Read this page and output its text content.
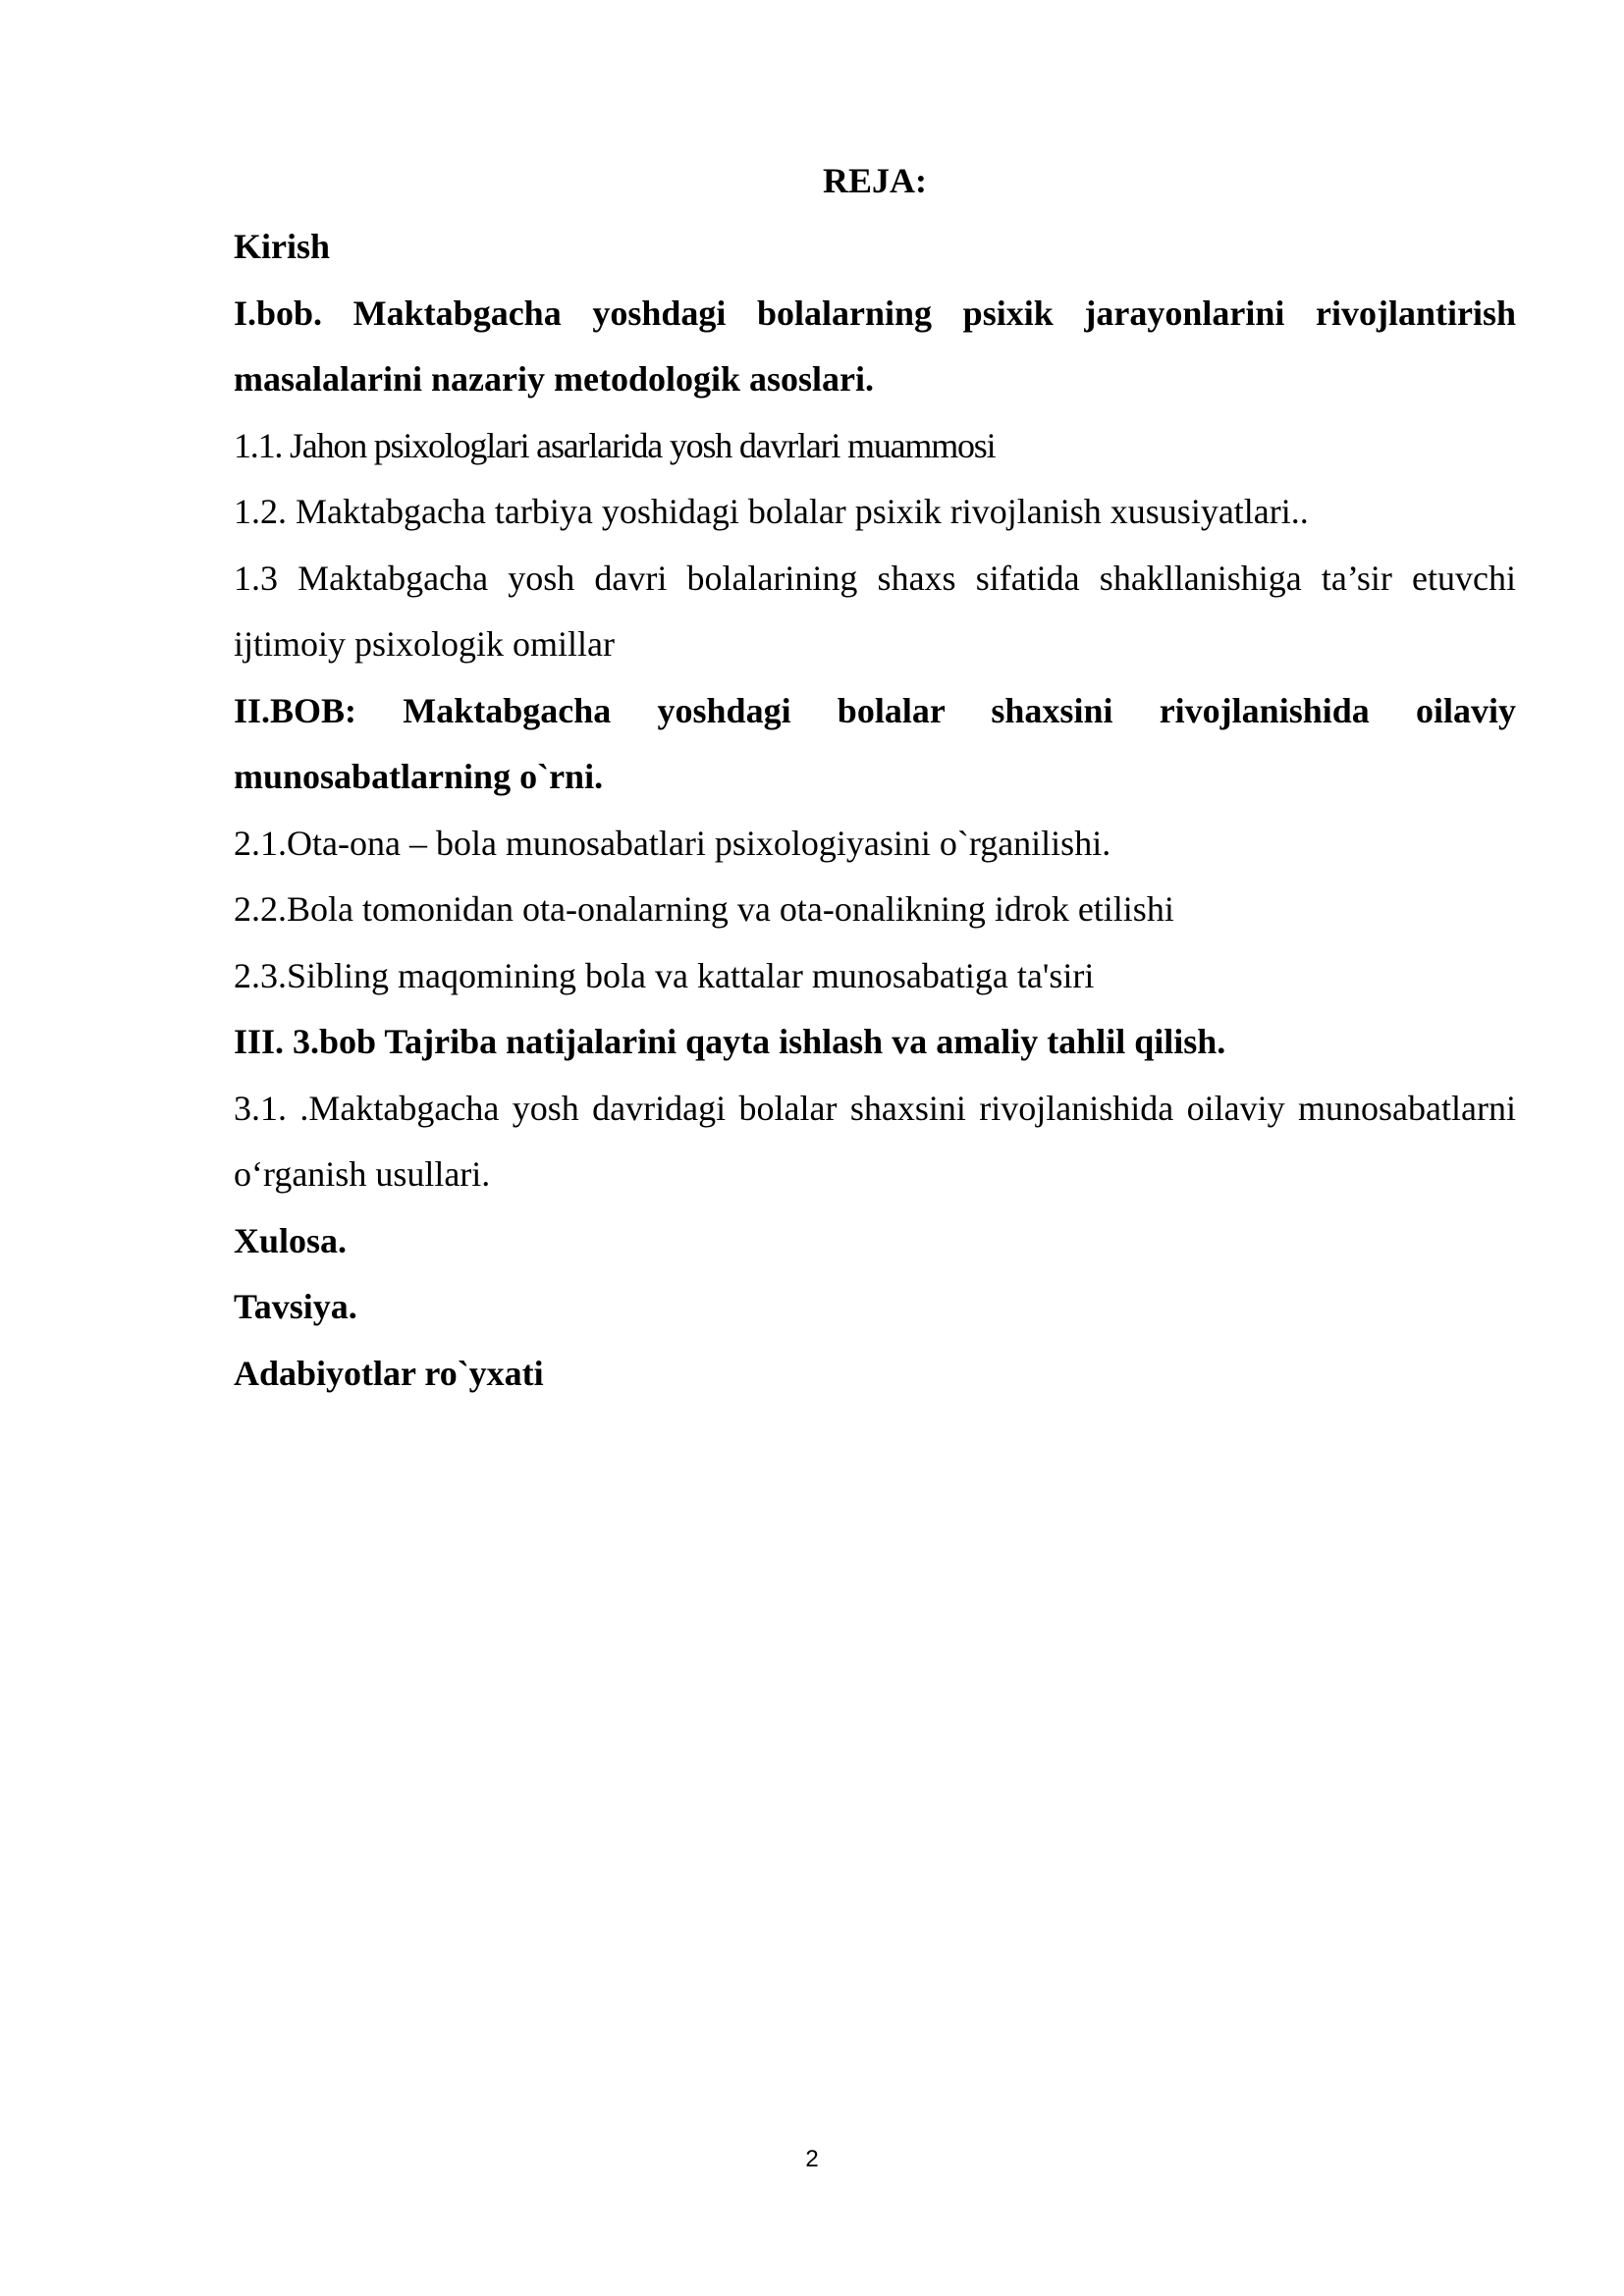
REJA:

Kirish

I.bob. Maktabgacha yoshdagi bolalarning psixik jarayonlarini rivojlantirish masalalarini nazariy metodologik asoslari.

1.1. Jahon psixologlari asarlarida yosh davrlari muammosi

1.2. Maktabgacha tarbiya yoshidagi bolalar psixik rivojlanish xususiyatlari..

1.3 Maktabgacha yosh davri bolalarining shaxs sifatida shakllanishiga ta’sir etuvchi ijtimoiy psixologik omillar

II.BOB: Maktabgacha yoshdagi bolalar shaxsini rivojlanishida oilaviy munosabatlarning o`rni.

2.1.Ota-ona – bola munosabatlari psixologiyasini o`rganilishi.

2.2.Bola tomonidan ota-onalarning va ota-onalikning idrok etilishi

2.3.Sibling maqomining bola va kattalar munosabatiga ta'siri

III. 3.bob Tajriba natijalarini qayta ishlash va amaliy tahlil qilish.

3.1. .Maktabgacha yosh davridagi bolalar shaxsini rivojlanishida oilaviy munosabatlarni o‘rganish usullari.

Xulosa.

Tavsiya.

Adabiyotlar ro`yxati

2
